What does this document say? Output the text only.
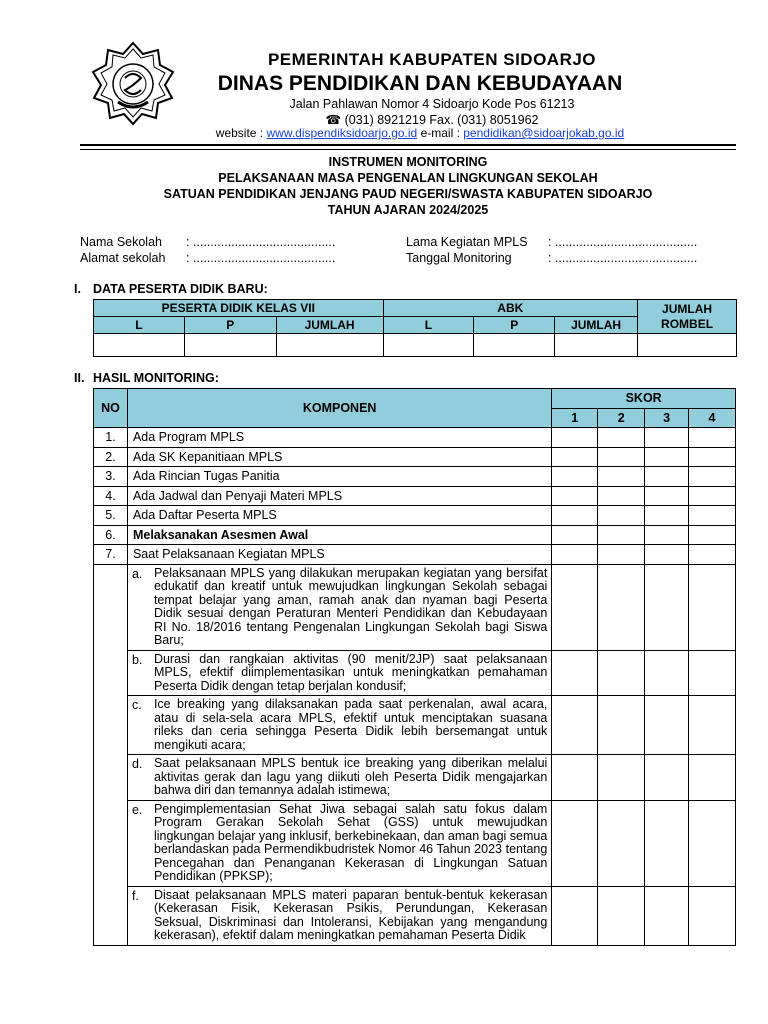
PEMERINTAH KABUPATEN SIDOARJO
DINAS PENDIDIKAN DAN KEBUDAYAAN
Jalan Pahlawan Nomor 4 Sidoarjo Kode Pos 61213
☎ (031) 8921219 Fax. (031) 8051962
website : www.dispendiksidoarjo.go.id e-mail : pendidikan@sidoarjokab.go.id
INSTRUMEN MONITORING
PELAKSANAAN MASA PENGENALAN LINGKUNGAN SEKOLAH
SATUAN PENDIDIKAN JENJANG PAUD NEGERI/SWASTA KABUPATEN SIDOARJO
TAHUN AJARAN 2024/2025
Nama Sekolah : .........................................
Alamat sekolah : .........................................
Lama Kegiatan MPLS : .........................................
Tanggal Monitoring	: .........................................
I. DATA PESERTA DIDIK BARU:
PESERTA DIDIK KELAS VII			ABK			JUMLAH ROMBEL
L	P	JUMLAH	L	P	JUMLAH	

II. HASIL MONITORING:
NO	KOMPONEN	SKOR			
		1	2	3	4
1.	Ada Program MPLS				
2.	Ada SK Kepanitiaan MPLS				
3.	Ada Rincian Tugas Panitia				
4.	Ada Jadwal dan Penyaji Materi MPLS				
5.	Ada Daftar Peserta MPLS				
6.	Melaksanakan Asesmen Awal				
7.	Saat Pelaksanaan Kegiatan MPLS				

	a. Pelaksanaan MPLS yang dilakukan merupakan kegiatan yang bersifat edukatif dan kreatif untuk mewujudkan lingkungan Sekolah sebagai tempat belajar yang aman, ramah anak dan nyaman bagi Peserta Didik sesuai dengan Peraturan Menteri Pendidikan dan Kebudayaan RI No. 18/2016 tentang Pengenalan Lingkungan Sekolah bagi Siswa Baru;				

	b. Durasi dan rangkaian aktivitas (90 menit/2JP) saat pelaksanaan MPLS, efektif diimplementasikan untuk meningkatkan pemahaman Peserta Didik dengan tetap berjalan kondusif;				

	c. Ice breaking yang dilaksanakan pada saat perkenalan, awal acara, atau di sela-sela acara MPLS, efektif untuk menciptakan suasana rileks dan ceria sehingga Peserta Didik lebih bersemangat untuk mengikuti acara;				

	d. Saat pelaksanaan MPLS bentuk ice breaking yang diberikan melalui aktivitas gerak dan lagu yang diikuti oleh Peserta Didik mengajarkan bahwa diri dan temannya adalah istimewa;				

	e. Pengimplementasian Sehat Jiwa sebagai salah satu fokus dalam Program Gerakan Sekolah Sehat (GSS) untuk mewujudkan lingkungan belajar yang inklusif, berkebinekaan, dan aman bagi semua berlandaskan pada Permendikbudristek Nomor 46 Tahun 2023 tentang Pencegahan dan Penanganan Kekerasan di Lingkungan Satuan Pendidikan (PPKSP);				

	f. Disaat pelaksanaan MPLS materi paparan bentuk-bentuk kekerasan (Kekerasan Fisik, Kekerasan Psikis, Perundungan, Kekerasan Seksual, Diskriminasi dan Intoleransi, Kebijakan yang mengandung kekerasan), efektif dalam meningkatkan pemahaman Peserta Didik				
